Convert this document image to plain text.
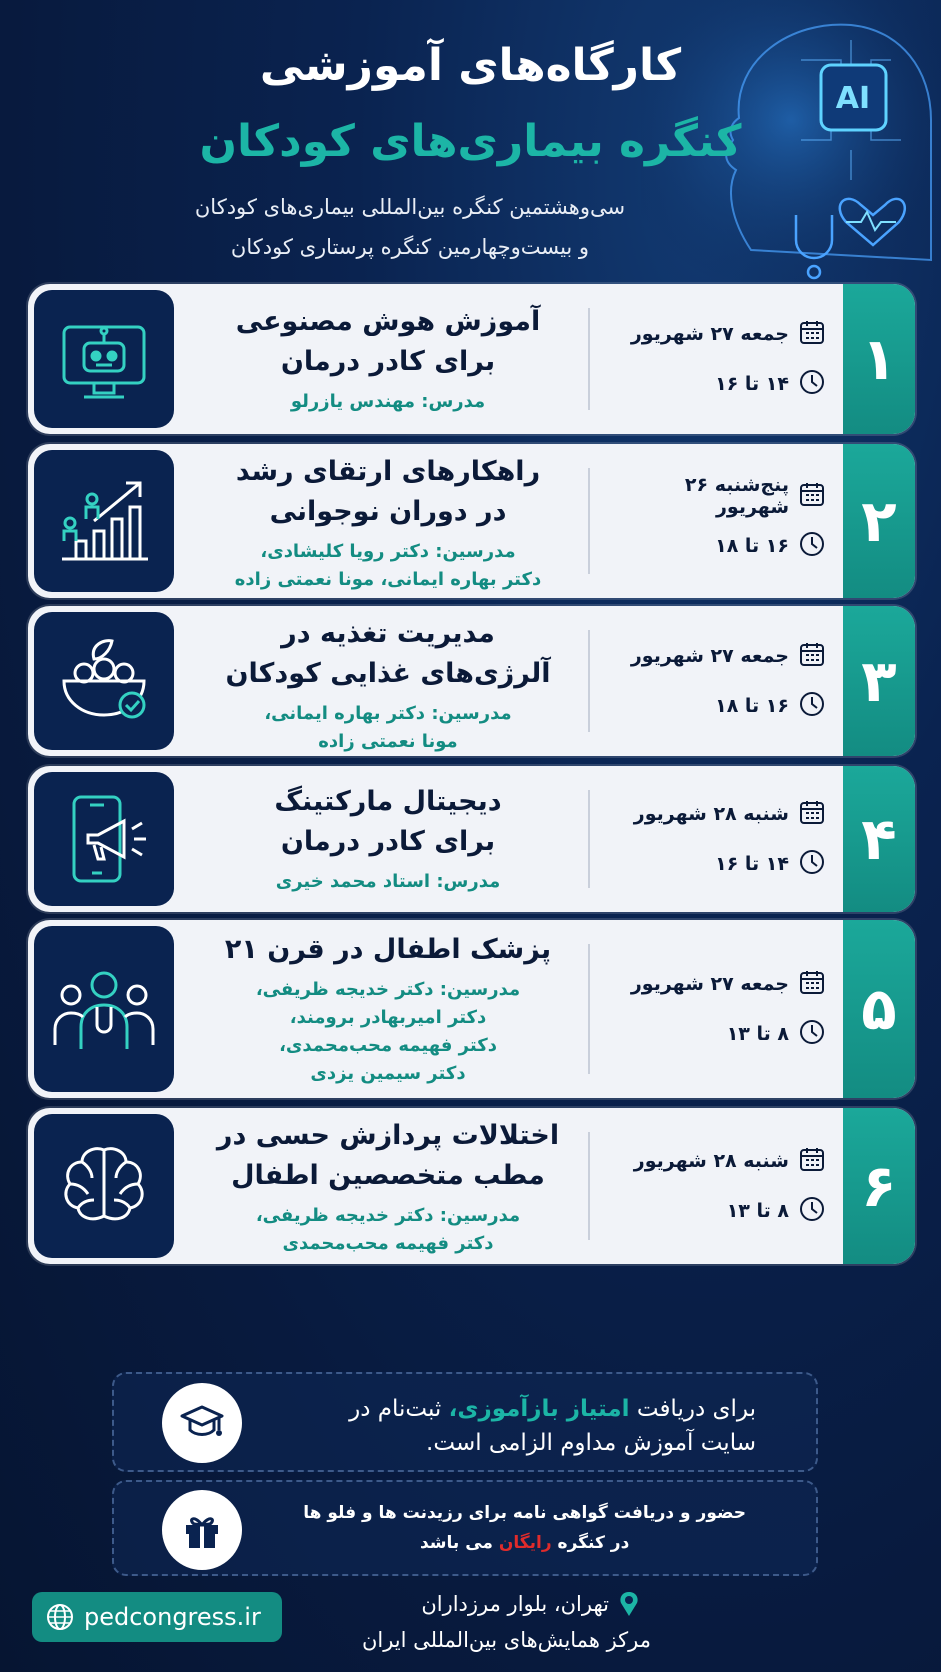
AI
کارگاه‌های آموزشی
کنگره بیماری‌های کودکان
سی‌وهشتمین کنگره بین‌المللی بیماری‌های کودکان
و بیست‌وچهارمین کنگره پرستاری کودکان
۱
جمعه ۲۷ شهریور
۱۴ تا ۱۶
آموزش هوش مصنوعی
برای کادر درمان
مدرس: مهندس یازرلو
۲
پنج‌شنبه ۲۶ شهریور
۱۶ تا ۱۸
راهکارهای ارتقای رشد
در دوران نوجوانی
مدرسین: دکتر رویا کلیشادی،
دکتر بهاره ایمانی، مونا نعمتی زاده
۳
جمعه ۲۷ شهریور
۱۶ تا ۱۸
مدیریت تغذیه در
آلرژی‌های غذایی کودکان
مدرسین: دکتر بهاره ایمانی،
مونا نعمتی زاده
۴
شنبه ۲۸ شهریور
۱۴ تا ۱۶
دیجیتال مارکتینگ
برای کادر درمان
مدرس: استاد محمد خیری
۵
جمعه ۲۷ شهریور
۸ تا ۱۳
پزشک اطفال در قرن ۲۱
مدرسین: دکتر خدیجه ظریفی،
دکتر امیربهادر برومند،
دکتر فهیمه محب‌محمدی،
دکتر سیمین یزدی
۶
شنبه ۲۸ شهریور
۸ تا ۱۳
اختلالات پردازش حسی در
مطب متخصصین اطفال
مدرسین: دکتر خدیجه ظریفی،
دکتر فهیمه محب‌محمدی
برای دریافت امتیاز بازآموزی، ثبت‌نام در
سایت آموزش مداوم الزامی است.
حضور و دریافت گواهی نامه برای رزیدنت ها و فلو ها
در کنگره رایگان می باشد
pedcongress.ir	تهران، بلوار مرزداران
مرکز همایش‌های بین‌المللی ایران
